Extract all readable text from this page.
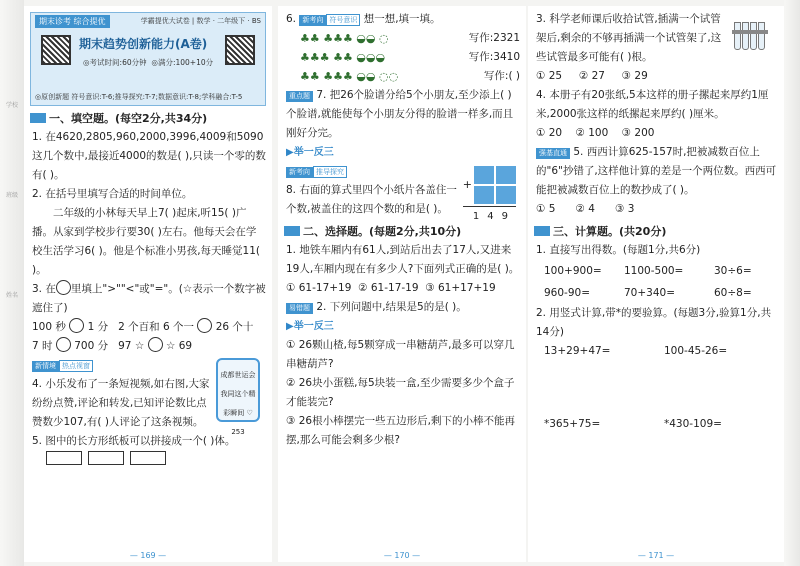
学校
班级
姓名
期末诊考 综合提优	学霸提优大试卷 | 数学 · 二年级下 · BS
期末趋势创新能力(A卷)
◎考试时间:60分钟 ◎满分:100+10分
◎原创新题 符号意识:T-6;推导探究:T-7;数据意识:T-8;学科融合:T-5
一、填空题。(每空2分,共34分)

1. 在4620,2805,960,2000,3996,4009和5090这几个数中,最接近4000的数是( ),只读一个零的数有( )。

2. 在括号里填写合适的时间单位。

二年级的小林每天早上7( )起床,听15( )广播。从家到学校步行要30( )左右。他每天会在学校生活学习6( )。他是个标准小男孩,每天睡觉11( )。

3. 在 里填上">""<"或"="。(☆表示一个数字被遮住了)

100 秒 1 分 2 个百和 6 个一 26 个十

7 时 700 分 97 ☆ ☆ 69

新情境 热点视窗

4. 小乐发布了一条短视频,如右图,大家纷纷点赞,评论和转发,已知评论数比点赞数少107,有( )人评论了这条视频。

成都世运会我同这个精彩瞬间 ♡ 253

5. 图中的长方形纸板可以拼接成一个( )体。

— 169 —

6. 新考向 符号意识 想一想,填一填。

♣♣ ♣♣♣ ◒◒ ◌	写作:2321
♣♣♣ ♣♣ ◒◒◒	写作:3410
♣♣ ♣♣♣ ◒◒ ◌◌	写作:( )

重点题 7. 把26个脸谱分给5个小朋友,至少添上( )个脸谱,就能使每个小朋友分得的脸谱一样多,而且刚好分完。

▶举一反三

新考向 推导探究

8. 右面的算式里四个小纸片各盖住一个数,被盖住的这四个数的和是( )。

+
149
二、选择题。(每题2分,共10分)

1. 地铁车厢内有61人,到站后出去了17人,又进来19人,车厢内现在有多少人?下面列式正确的是( )。

① 61-17+19 ② 61-17-19 ③ 61+17+19

易错题 2. 下列问题中,结果是5的是( )。

▶举一反三

① 26颗山楂,每5颗穿成一串糖葫芦,最多可以穿几串糖葫芦?

② 26块小蛋糕,每5块装一盒,至少需要多少个盒子才能装完?

③ 26根小棒摆完一些五边形后,剩下的小棒不能再摆,那么可能会剩多少根?

— 170 —

3. 科学老师课后收拾试管,插满一个试管架后,剩余的不够再插满一个试管架了,这些试管最多可能有( )根。

① 25 ② 27 ③ 29

4. 本册子有20张纸,5本这样的册子摞起来厚约1厘米,2000张这样的纸摞起来厚约( )厘米。

① 20 ② 100 ③ 200

强基直通 5. 西西计算625-157时,把被减数百位上的"6"抄错了,这样他计算的差是一个两位数。西西可能把被减数百位上的数抄成了( )。

① 5 ② 4 ③ 3

三、计算题。(共20分)

1. 直接写出得数。(每题1分,共6分)

100+900=	1100-500=	30÷6=
960-90=	70+340=	60÷8=

2. 用竖式计算,带*的要验算。(每题3分,验算1分,共14分)

13+29+47=	100-45-26=
*365+75=	*430-109=
— 171 —
